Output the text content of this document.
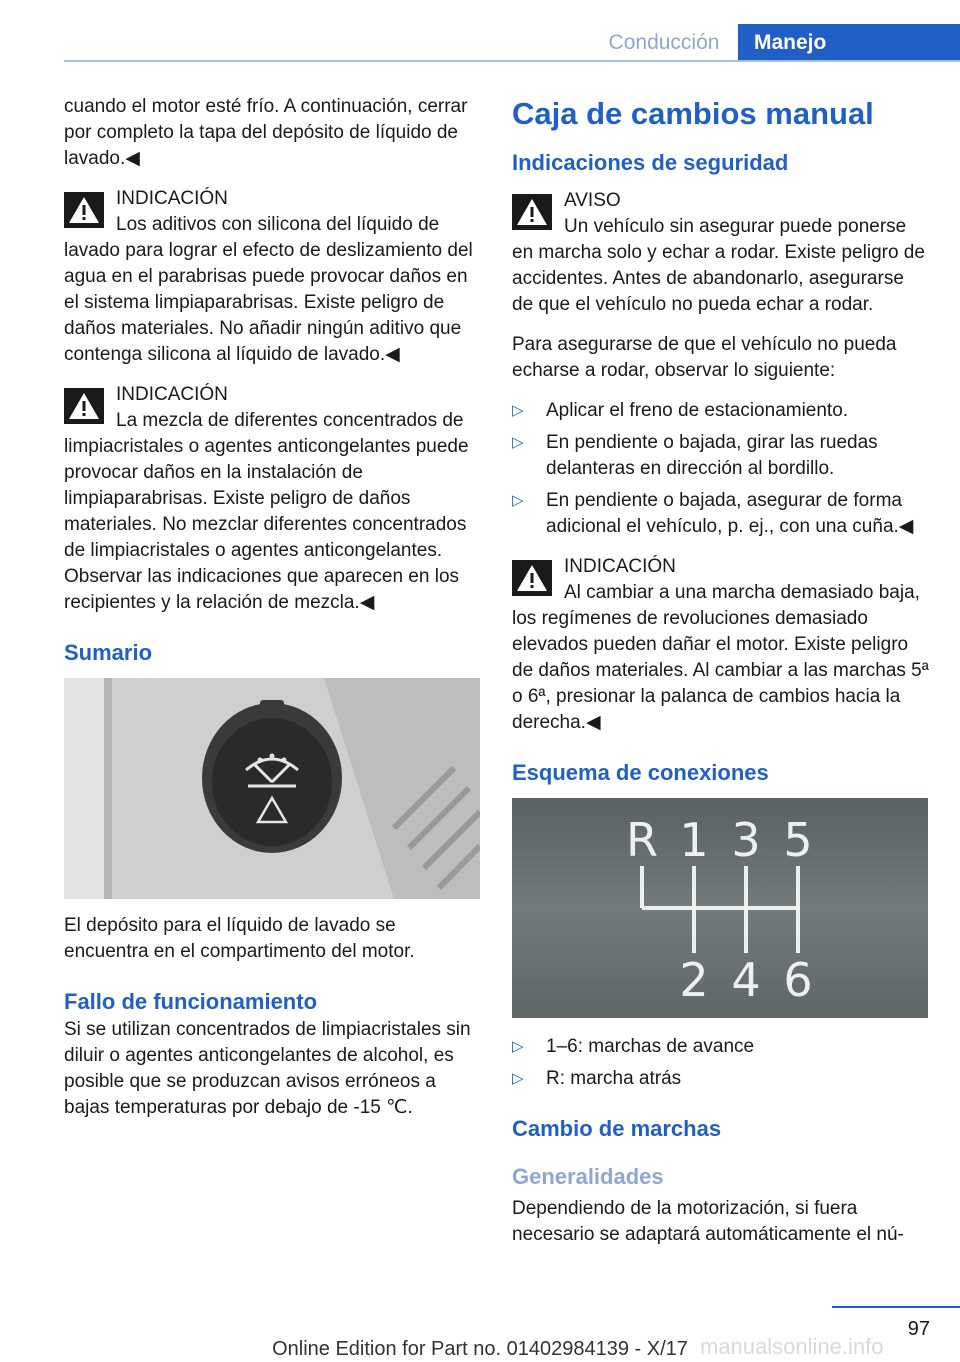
Conducción	Manejo

cuando el motor esté frío. A continuación, cerrar por completo la tapa del depósito de líquido de lavado.◀

INDICACIÓN
Los aditivos con silicona del líquido de lavado para lograr el efecto de deslizamiento del agua en el parabrisas puede provocar daños en el sistema limpiaparabrisas. Existe peligro de daños materiales. No añadir ningún aditivo que contenga silicona al líquido de lavado.◀
INDICACIÓN
La mezcla de diferentes concentrados de limpiacristales o agentes anticongelantes puede provocar daños en la instalación de limpiaparabrisas. Existe peligro de daños materiales. No mezclar diferentes concentrados de limpiacristales o agentes anticongelantes. Observar las indicaciones que aparecen en los recipientes y la relación de mezcla.◀
Sumario

El depósito para el líquido de lavado se encuentra en el compartimento del motor.

Fallo de funcionamiento

Si se utilizan concentrados de limpiacristales sin diluir o agentes anticongelantes de alcohol, es posible que se produzcan avisos erróneos a bajas temperaturas por debajo de -15 ℃.

Caja de cambios manual
Indicaciones de seguridad
AVISO
Un vehículo sin asegurar puede ponerse en marcha solo y echar a rodar. Existe peligro de accidentes. Antes de abandonarlo, asegurarse de que el vehículo no pueda echar a rodar.

Para asegurarse de que el vehículo no pueda echarse a rodar, observar lo siguiente:

▷ Aplicar el freno de estacionamiento.
▷ En pendiente o bajada, girar las ruedas delanteras en dirección al bordillo.
▷ En pendiente o bajada, asegurar de forma adicional el vehículo, p. ej., con una cuña.◀
INDICACIÓN
Al cambiar a una marcha demasiado baja, los regímenes de revoluciones demasiado elevados pueden dañar el motor. Existe peligro de daños materiales. Al cambiar a las marchas 5ª o 6ª, presionar la palanca de cambios hacia la derecha.◀
Esquema de conexiones
R 1 3 5
2 4 6
▷ 1–6: marchas de avance
▷ R: marcha atrás
Cambio de marchas
Generalidades

Dependiendo de la motorización, si fuera necesario se adaptará automáticamente el nú-

97
manualsonline.info
Online Edition for Part no. 01402984139 - X/17
